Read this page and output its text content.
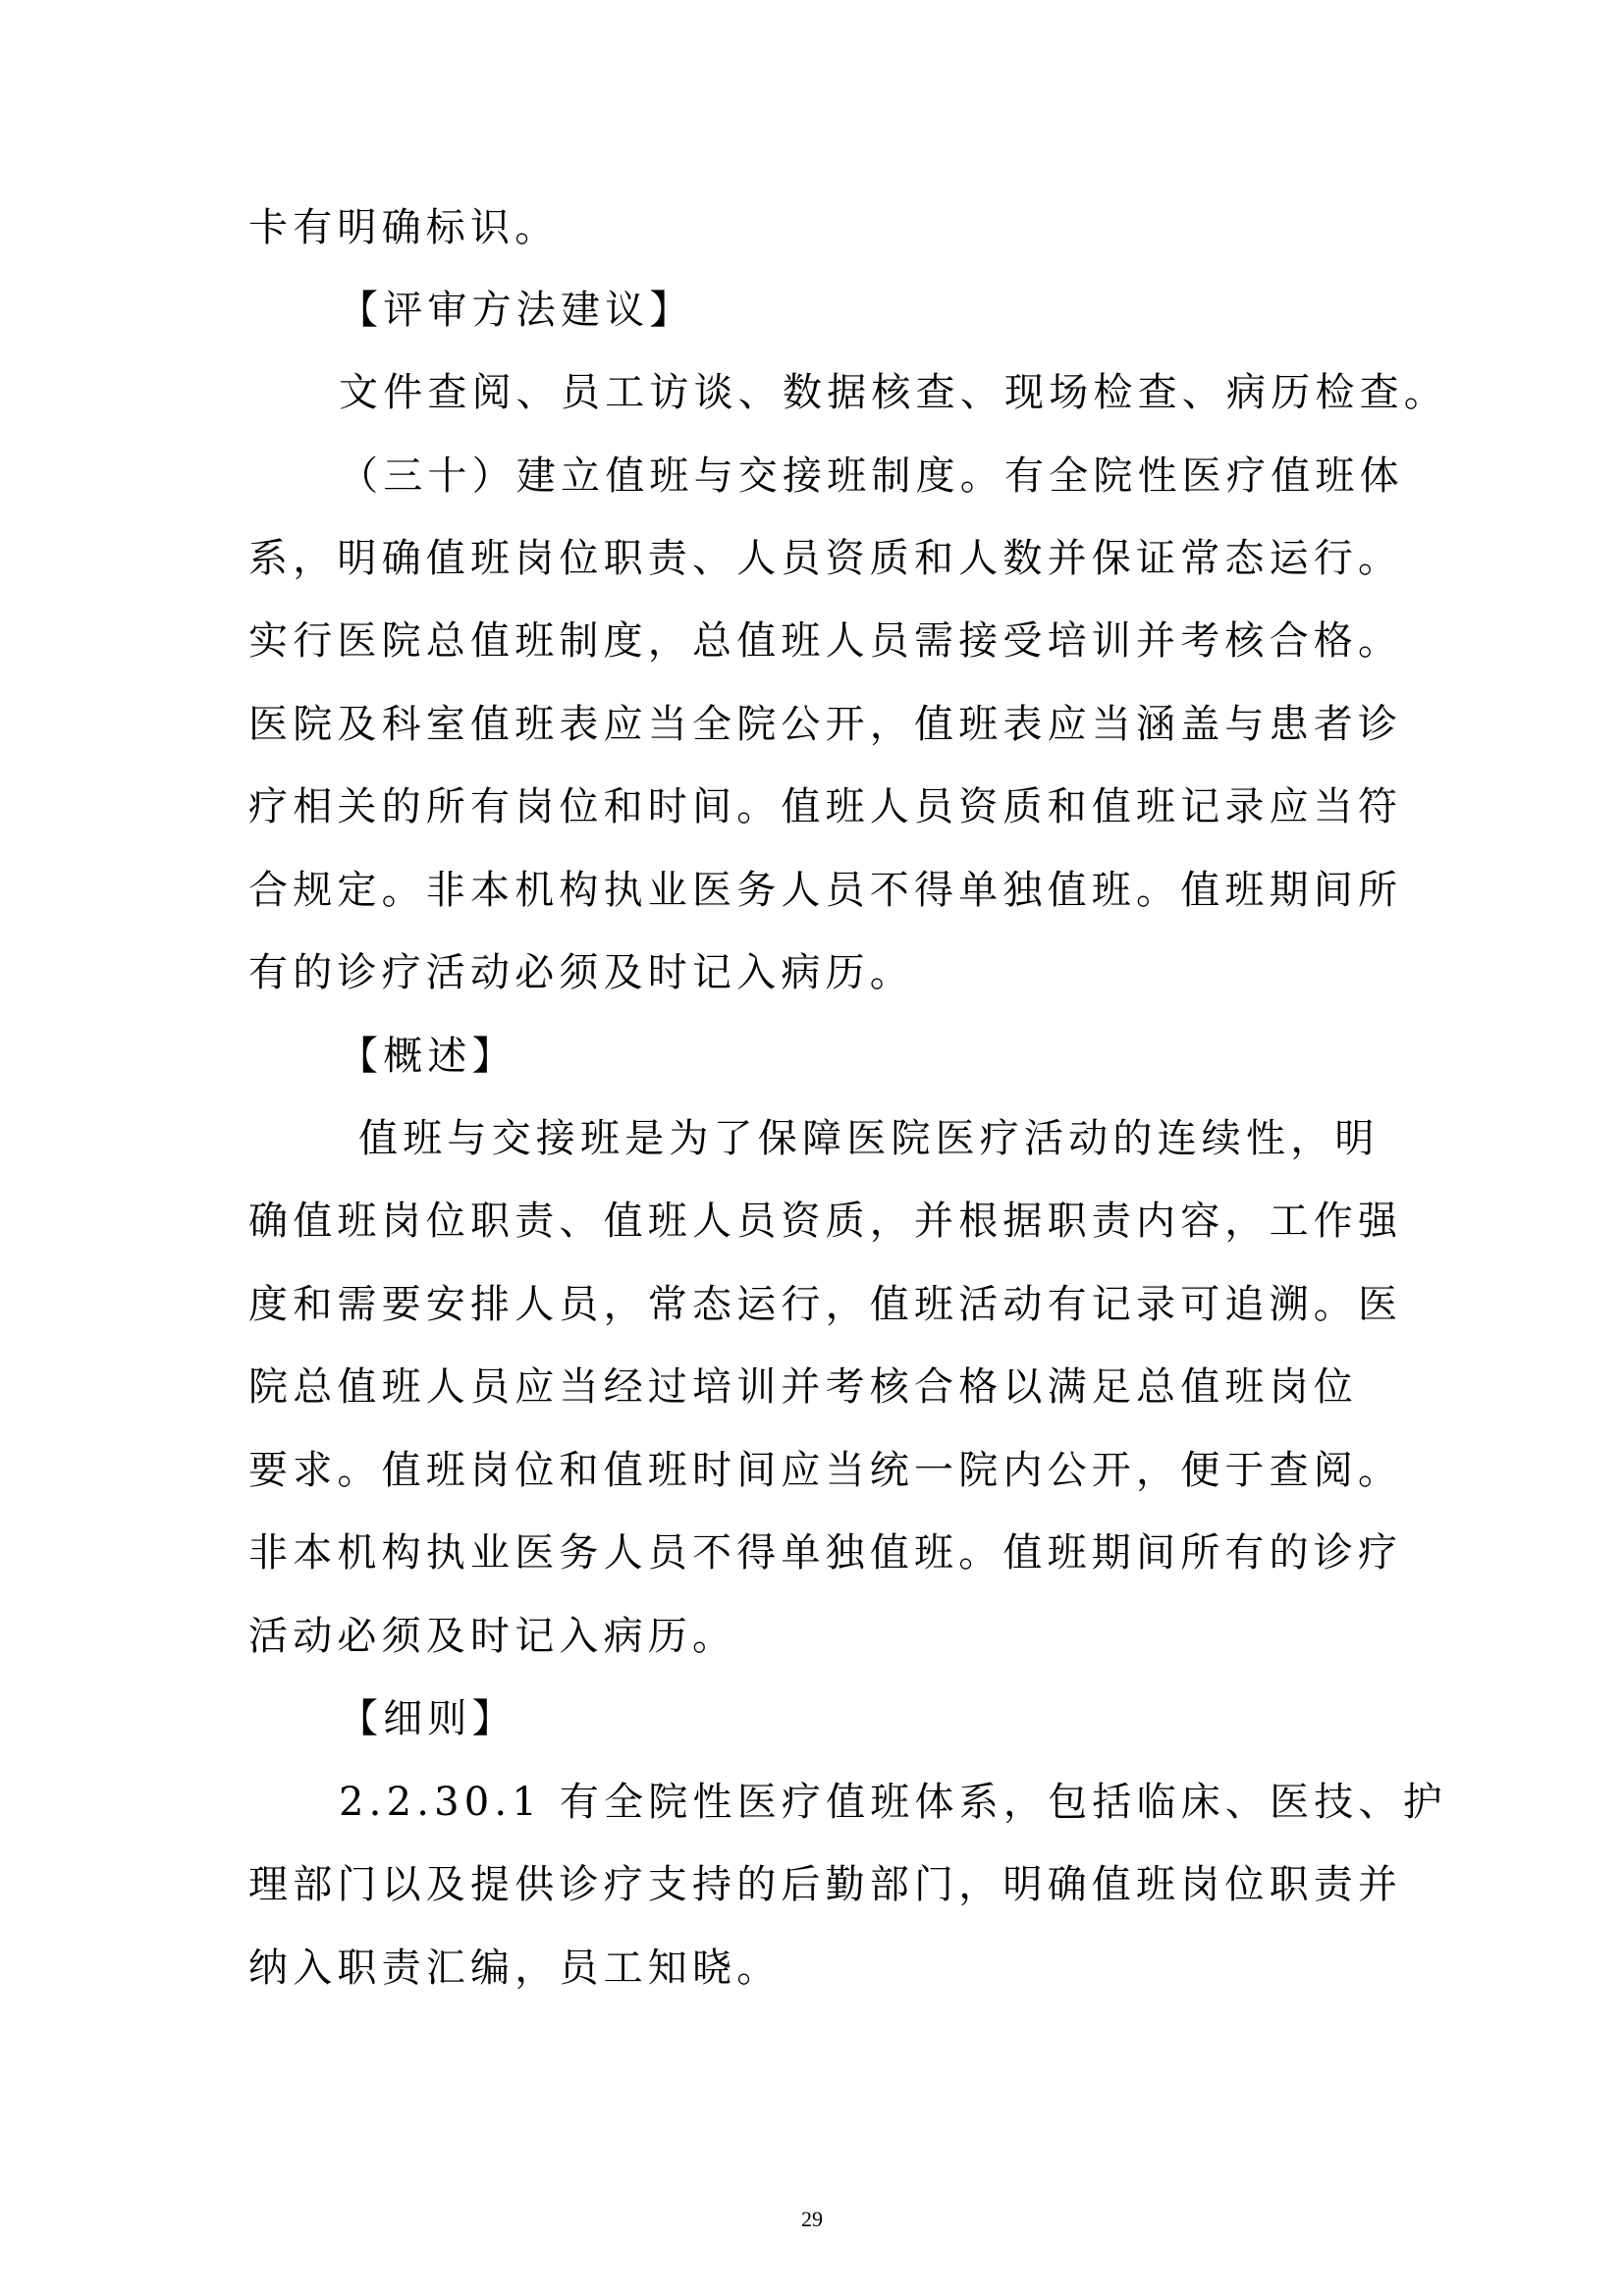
卡有明确标识。
【评审方法建议】
文件查阅、员工访谈、数据核查、现场检查、病历检查。
（三十）建立值班与交接班制度。有全院性医疗值班体
系，明确值班岗位职责、人员资质和人数并保证常态运行。
实行医院总值班制度，总值班人员需接受培训并考核合格。
医院及科室值班表应当全院公开，值班表应当涵盖与患者诊
疗相关的所有岗位和时间。值班人员资质和值班记录应当符
合规定。非本机构执业医务人员不得单独值班。值班期间所
有的诊疗活动必须及时记入病历。
【概述】
值班与交接班是为了保障医院医疗活动的连续性，明
确值班岗位职责、值班人员资质，并根据职责内容，工作强
度和需要安排人员，常态运行，值班活动有记录可追溯。医
院总值班人员应当经过培训并考核合格以满足总值班岗位
要求。值班岗位和值班时间应当统一院内公开，便于查阅。
非本机构执业医务人员不得单独值班。值班期间所有的诊疗
活动必须及时记入病历。
【细则】
2.2.30.1 有全院性医疗值班体系，包括临床、医技、护
理部门以及提供诊疗支持的后勤部门，明确值班岗位职责并
纳入职责汇编，员工知晓。
29
